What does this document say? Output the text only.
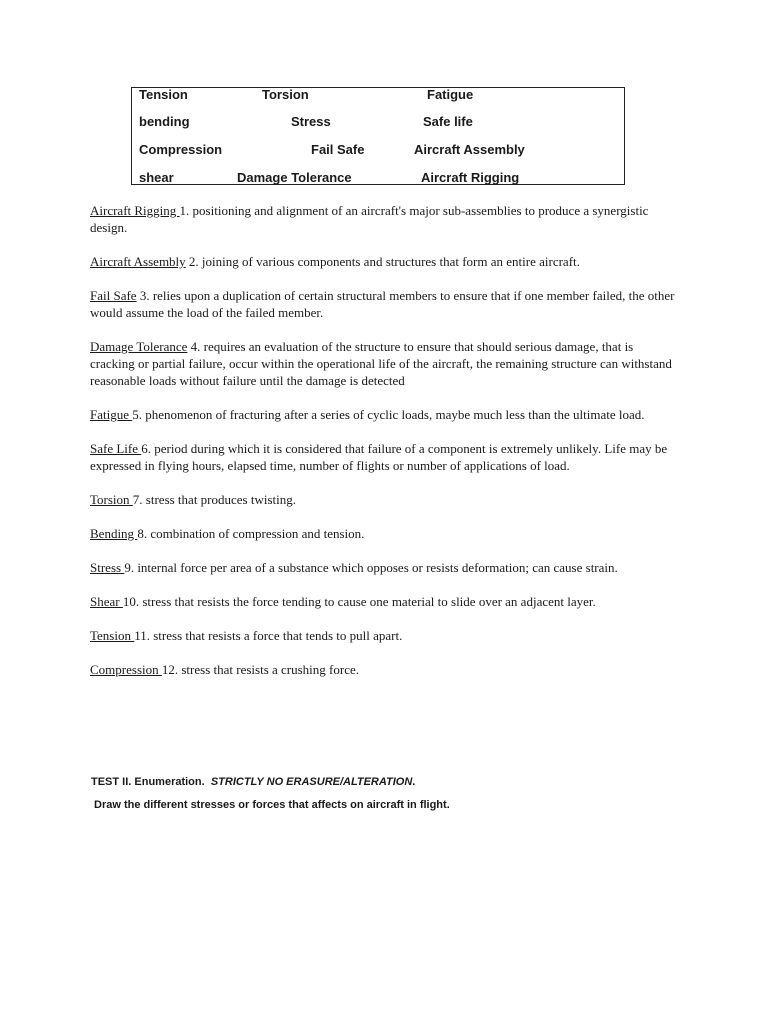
Tension	Torsion	Fatigue
bending	Stress	Safe life
Compression	Fail Safe	Aircraft Assembly
shear	Damage Tolerance	Aircraft Rigging

Aircraft Rigging 1. positioning and alignment of an aircraft's major sub-assemblies to produce a synergistic design.

Aircraft Assembly 2. joining of various components and structures that form an entire aircraft.

Fail Safe 3. relies upon a duplication of certain structural members to ensure that if one member failed, the other would assume the load of the failed member.

Damage Tolerance 4. requires an evaluation of the structure to ensure that should serious damage, that is cracking or partial failure, occur within the operational life of the aircraft, the remaining structure can withstand reasonable loads without failure until the damage is detected

Fatigue 5. phenomenon of fracturing after a series of cyclic loads, maybe much less than the ultimate load.

Safe Life 6. period during which it is considered that failure of a component is extremely unlikely. Life may be expressed in flying hours, elapsed time, number of flights or number of applications of load.

Torsion 7. stress that produces twisting.

Bending 8. combination of compression and tension.

Stress 9. internal force per area of a substance which opposes or resists deformation; can cause strain.

Shear 10. stress that resists the force tending to cause one material to slide over an adjacent layer.

Tension 11. stress that resists a force that tends to pull apart.

Compression 12. stress that resists a crushing force.

TEST II. Enumeration. STRICTLY NO ERASURE/ALTERATION.

Draw the different stresses or forces that affects on aircraft in flight.
